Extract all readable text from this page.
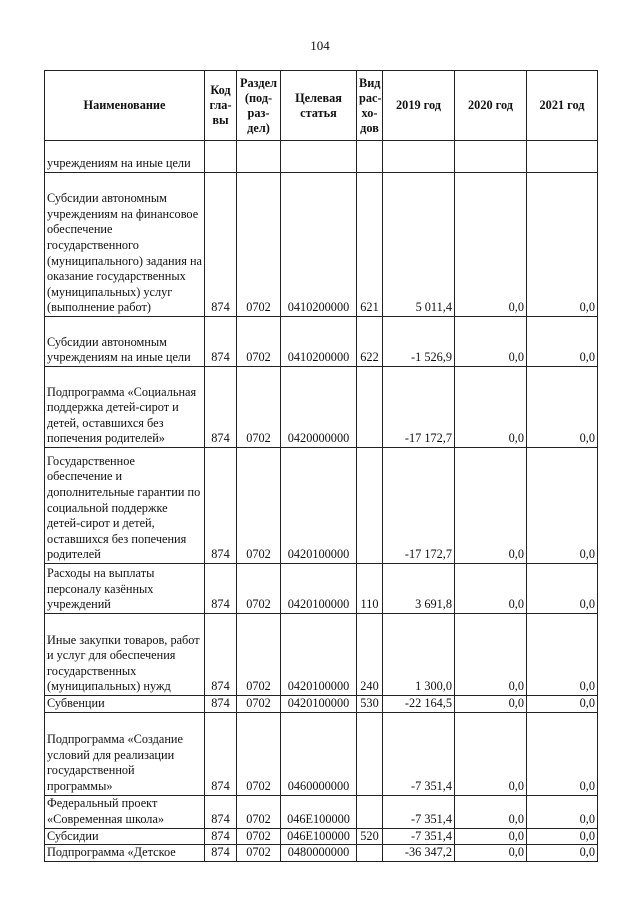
104
Наименование	Код гла-вы	Раздел (под-раз-дел)	Целевая статья	Вид рас-хо-дов	2019 год	2020 год	2021 год
учреждениям на иные цели							
Субсидии автономным учреждениям на финансовое обеспечение государственного (муниципального) задания на оказание государственных (муниципальных) услуг (выполнение работ)	874	0702	0410200000	621	5 011,4	0,0	0,0
Субсидии автономным учреждениям на иные цели	874	0702	0410200000	622	-1 526,9	0,0	0,0
Подпрограмма «Социальная поддержка детей-сирот и детей, оставшихся без попечения родителей»	874	0702	0420000000		-17 172,7	0,0	0,0
Государственное обеспечение и дополнительные гарантии по социальной поддержке детей-сирот и детей, оставшихся без попечения родителей	874	0702	0420100000		-17 172,7	0,0	0,0
Расходы на выплаты персоналу казённых учреждений	874	0702	0420100000	110	3 691,8	0,0	0,0
Иные закупки товаров, работ и услуг для обеспечения государственных (муниципальных) нужд	874	0702	0420100000	240	1 300,0	0,0	0,0
Субвенции	874	0702	0420100000	530	-22 164,5	0,0	0,0
Подпрограмма «Создание условий для реализации государственной программы»	874	0702	0460000000		-7 351,4	0,0	0,0
Федеральный проект «Современная школа»	874	0702	046E100000		-7 351,4	0,0	0,0
Субсидии	874	0702	046E100000	520	-7 351,4	0,0	0,0
Подпрограмма «Детское	874	0702	0480000000		-36 347,2	0,0	0,0
